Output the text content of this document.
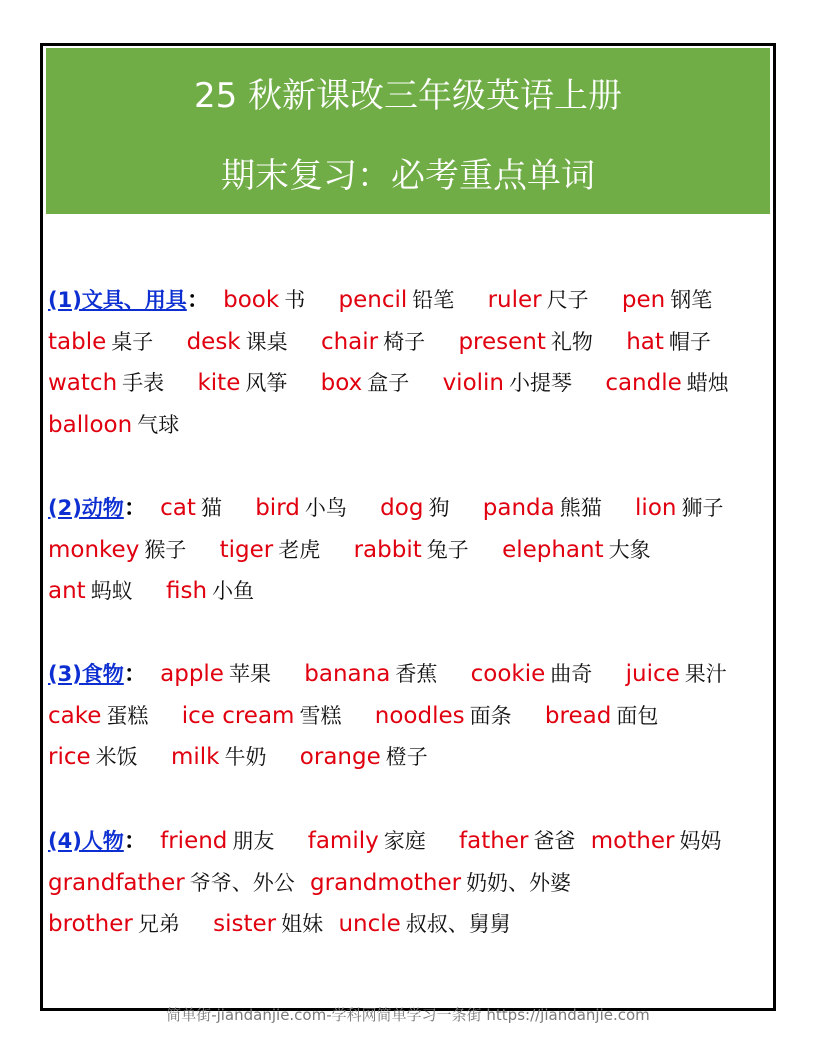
25 秋新课改三年级英语上册
期末复习：必考重点单词
(1)文具、用具： book 书 pencil 铅笔 ruler 尺子 pen 钢笔
table 桌子 desk 课桌 chair 椅子 present 礼物 hat 帽子
watch 手表 kite 风筝 box 盒子 violin 小提琴 candle 蜡烛
balloon 气球
(2)动物： cat 猫 bird 小鸟 dog 狗 panda 熊猫 lion 狮子
monkey 猴子 tiger 老虎 rabbit 兔子 elephant 大象
ant 蚂蚁 fish 小鱼
(3)食物： apple 苹果 banana 香蕉 cookie 曲奇 juice 果汁
cake 蛋糕 ice cream 雪糕 noodles 面条 bread 面包
rice 米饭 milk 牛奶 orange 橙子
(4)人物： friend 朋友 family 家庭 father 爸爸 mother 妈妈
grandfather 爷爷、外公 grandmother 奶奶、外婆
brother 兄弟 sister 姐妹 uncle 叔叔、舅舅
简单街-jiandanjie.com-学科网简单学习一条街 https://jiandanjie.com
